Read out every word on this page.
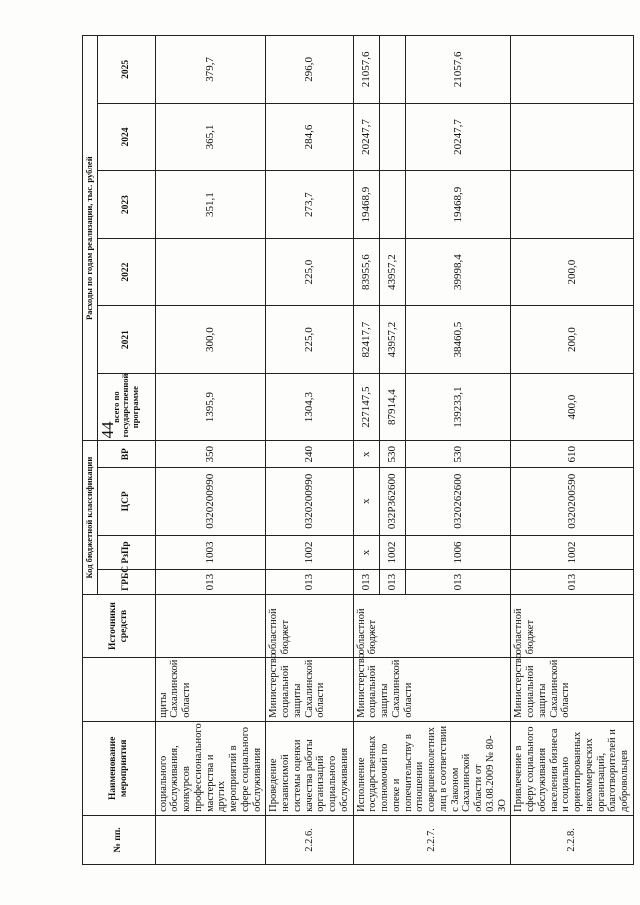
44
№ пп.	Наименование мероприятия		Источники средств	Код бюджетной классификации				Расходы по годам реализации, тыс. рублей					
				ГРБС	РзПр	ЦСР	ВР	всего по государственной программе	2021	2022	2023	2024	2025
	социального обслуживания, конкурсов профессионального мастерства и других мероприятий в сфере социального обслуживания	щиты Сахалинской области		013	1003	0320200990	350	1395,9	300,0		351,1	365,1	379,7
2.2.6.	Проведение независимой системы оценки качества работы организаций социального обслуживания	Министерство социальной защиты Сахалинской области	областной бюджет	013	1002	0320200990	240	1304,3	225,0	225,0	273,7	284,6	296,0
2.2.7.	Исполнение государственных полномочий по опеке и попечительству в отношении совершеннолетних лиц в соответствии с Законом Сахалинской области от 03.08.2009 № 80-ЗО	Министерство социальной защиты Сахалинской области	областной бюджет	013	х	х	х	227147,5	82417,7	83955,6	19468,9	20247,7	21057,6
				013	1002	032P362600	530	87914,4	43957,2	43957,2			
				013	1006	0320262600	530	139233,1	38460,5	39998,4	19468,9	20247,7	21057,6
2.2.8.	Привлечение в сферу социального обслуживания населения бизнеса и социально ориентированных некоммерческих организаций, благотворителей и добровольцев	Министерство социальной защиты Сахалинской области	областной бюджет	013	1002	0320200590	610	400,0	200,0	200,0			
